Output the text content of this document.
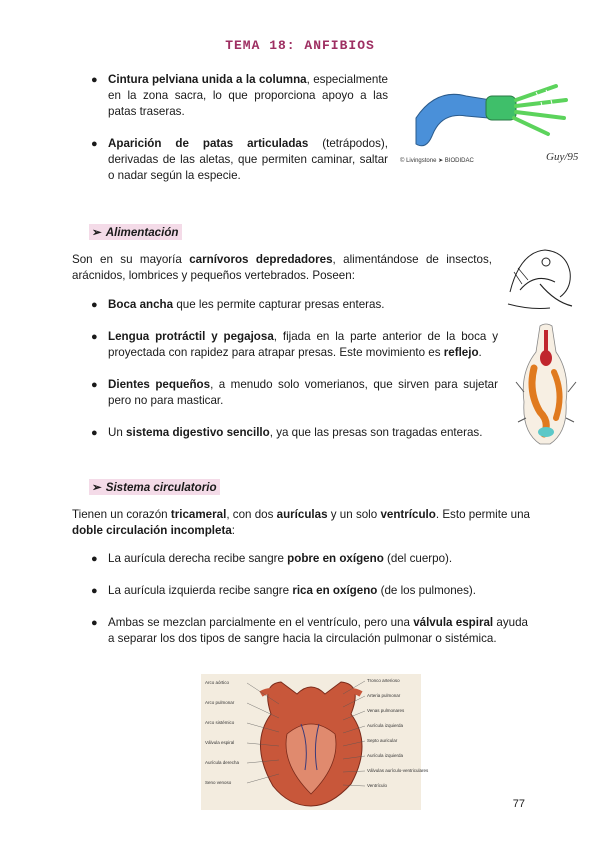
TEMA 18: ANFIBIOS
● Cintura pelviana unida a la columna, especialmente en la zona sacra, lo que proporciona apoyo a las patas traseras.
● Aparición de patas articuladas (tetrápodos), derivadas de las aletas, que permiten caminar, saltar o nadar según la especie.
© Livingstone ➤ BIODIDAC	Guy/95
➢ Alimentación
Son en su mayoría carnívoros depredadores, alimentándose de insectos, arácnidos, lombrices y pequeños vertebrados. Poseen:
● Boca ancha que les permite capturar presas enteras.
● Lengua protráctil y pegajosa, fijada en la parte anterior de la boca y proyectada con rapidez para atrapar presas. Este movimiento es reflejo.
● Dientes pequeños, a menudo solo vomerianos, que sirven para sujetar pero no para masticar.
● Un sistema digestivo sencillo, ya que las presas son tragadas enteras.
➢ Sistema circulatorio
Tienen un corazón tricameral, con dos aurículas y un solo ventrículo. Esto permite una doble circulación incompleta:
● La aurícula derecha recibe sangre pobre en oxígeno (del cuerpo).
● La aurícula izquierda recibe sangre rica en oxígeno (de los pulmones).
● Ambas se mezclan parcialmente en el ventrículo, pero una válvula espiral ayuda a separar los dos tipos de sangre hacia la circulación pulmonar o sistémica.
Arco aórtico
Arco pulmonar
Arco sistémico
Válvula espiral
Aurícula derecha
Seno venoso
Tronco arterioso
Arteria pulmonar
Venas pulmonares
Aurícula izquierda
Septo auricular
Aurícula izquierda
Válvulas aurículo-ventriculares
Ventrículo
77
